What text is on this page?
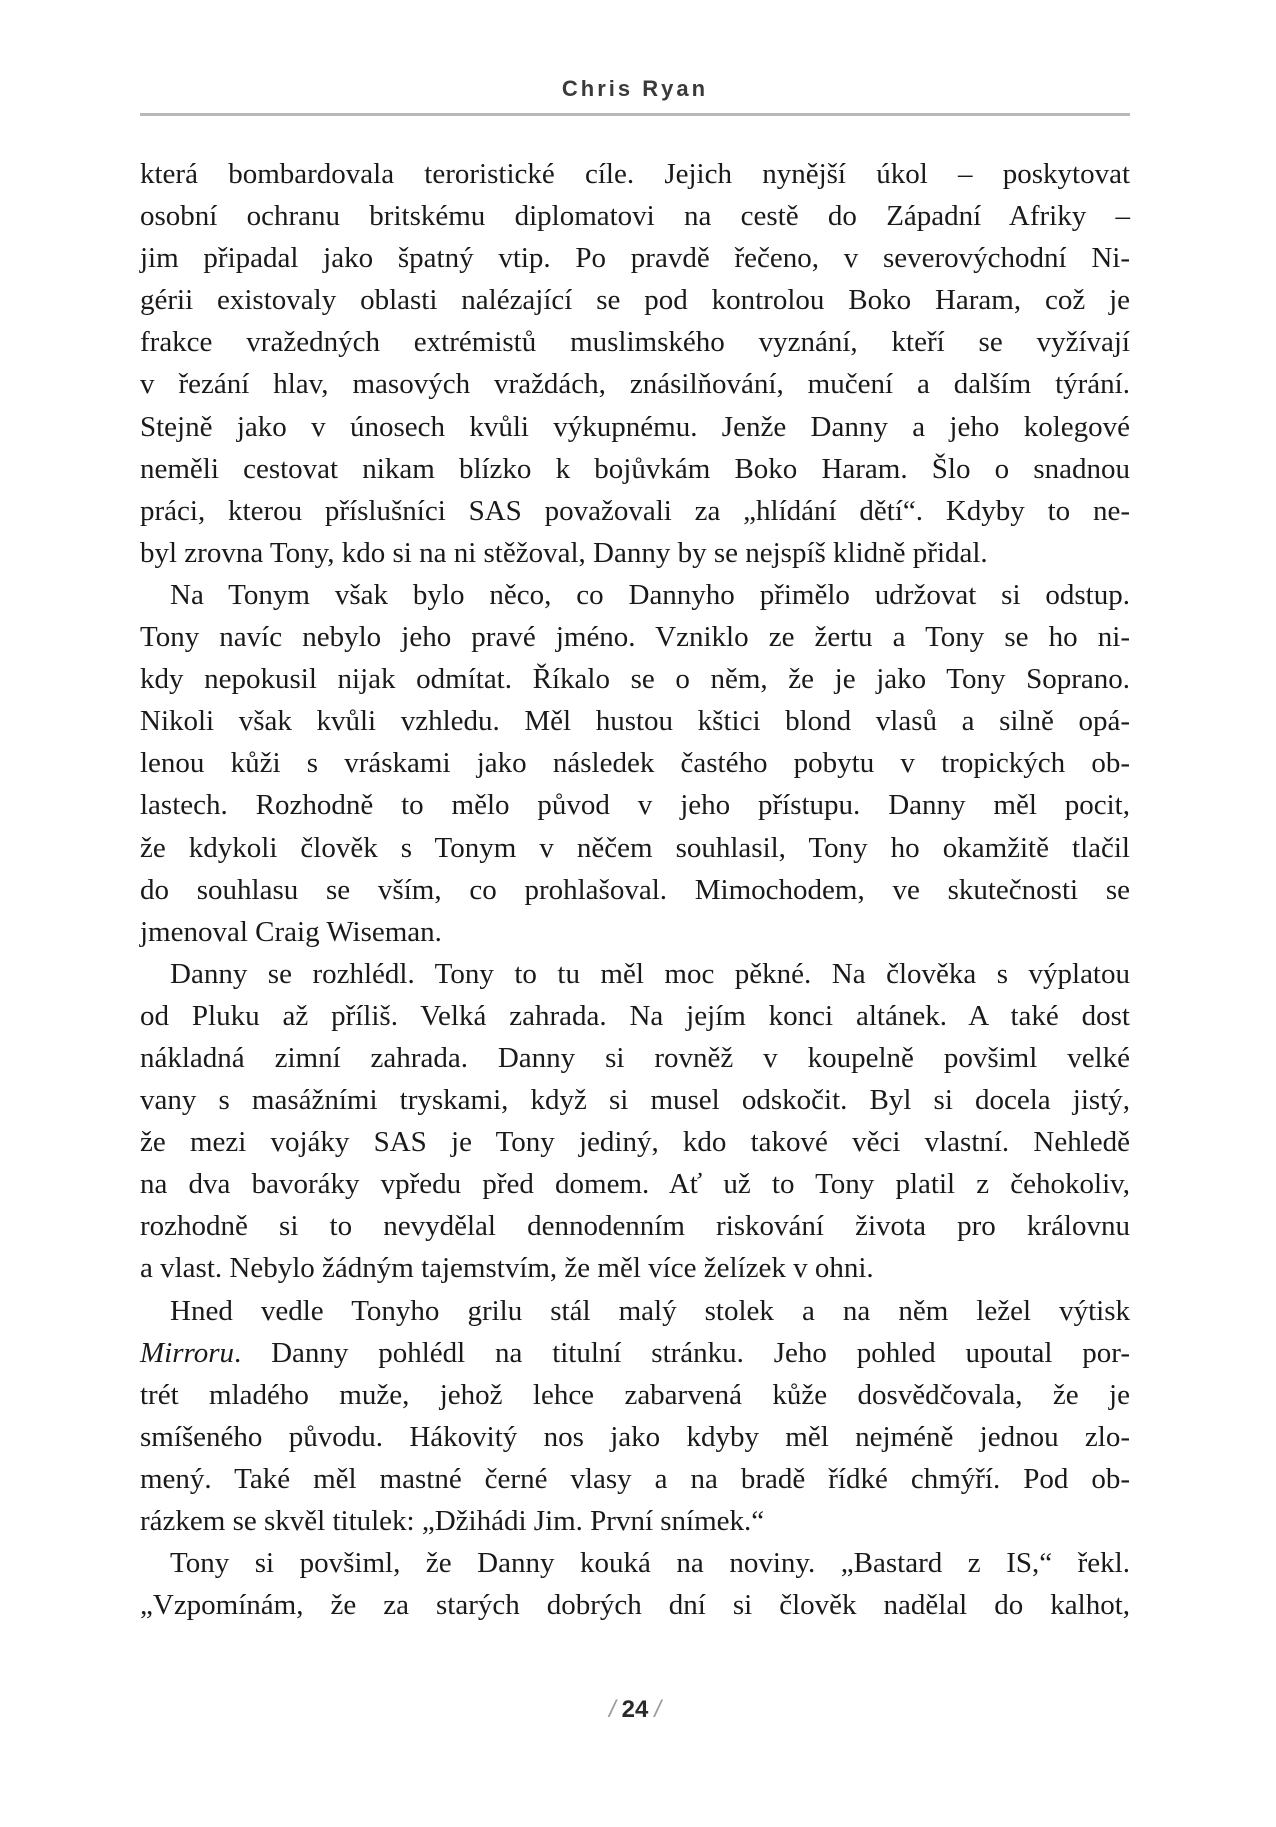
Chris Ryan
která bombardovala teroristické cíle. Jejich nynější úkol – poskytovat
osobní ochranu britskému diplomatovi na cestě do Západní Afriky –
jim připadal jako špatný vtip. Po pravdě řečeno, v severovýchodní Ni-
gérii existovaly oblasti nalézající se pod kontrolou Boko Haram, což je
frakce vražedných extrémistů muslimského vyznání, kteří se vyžívají
v řezání hlav, masových vraždách, znásilňování, mučení a dalším týrání.
Stejně jako v únosech kvůli výkupnému. Jenže Danny a jeho kolegové
neměli cestovat nikam blízko k bojůvkám Boko Haram. Šlo o snadnou
práci, kterou příslušníci SAS považovali za „hlídání dětí“. Kdyby to ne-
byl zrovna Tony, kdo si na ni stěžoval, Danny by se nejspíš klidně přidal.
Na Tonym však bylo něco, co Dannyho přimělo udržovat si odstup.
Tony navíc nebylo jeho pravé jméno. Vzniklo ze žertu a Tony se ho ni-
kdy nepokusil nijak odmítat. Říkalo se o něm, že je jako Tony Soprano.
Nikoli však kvůli vzhledu. Měl hustou kštici blond vlasů a silně opá-
lenou kůži s vráskami jako následek častého pobytu v tropických ob-
lastech. Rozhodně to mělo původ v jeho přístupu. Danny měl pocit,
že kdykoli člověk s Tonym v něčem souhlasil, Tony ho okamžitě tlačil
do souhlasu se vším, co prohlašoval. Mimochodem, ve skutečnosti se
jmenoval Craig Wiseman.
Danny se rozhlédl. Tony to tu měl moc pěkné. Na člověka s výplatou
od Pluku až příliš. Velká zahrada. Na jejím konci altánek. A také dost
nákladná zimní zahrada. Danny si rovněž v koupelně povšiml velké
vany s masážními tryskami, když si musel odskočit. Byl si docela jistý,
že mezi vojáky SAS je Tony jediný, kdo takové věci vlastní. Nehledě
na dva bavoráky vpředu před domem. Ať už to Tony platil z čehokoliv,
rozhodně si to nevydělal dennodenním riskování života pro královnu
a vlast. Nebylo žádným tajemstvím, že měl více želízek v ohni.
Hned vedle Tonyho grilu stál malý stolek a na něm ležel výtisk
Mirroru. Danny pohlédl na titulní stránku. Jeho pohled upoutal por-
trét mladého muže, jehož lehce zabarvená kůže dosvědčovala, že je
smíšeného původu. Hákovitý nos jako kdyby měl nejméně jednou zlo-
mený. Také měl mastné černé vlasy a na bradě řídké chmýří. Pod ob-
rázkem se skvěl titulek: „Džihádi Jim. První snímek.“
Tony si povšiml, že Danny kouká na noviny. „Bastard z IS,“ řekl.
„Vzpomínám, že za starých dobrých dní si člověk nadělal do kalhot,
/ 24 /
